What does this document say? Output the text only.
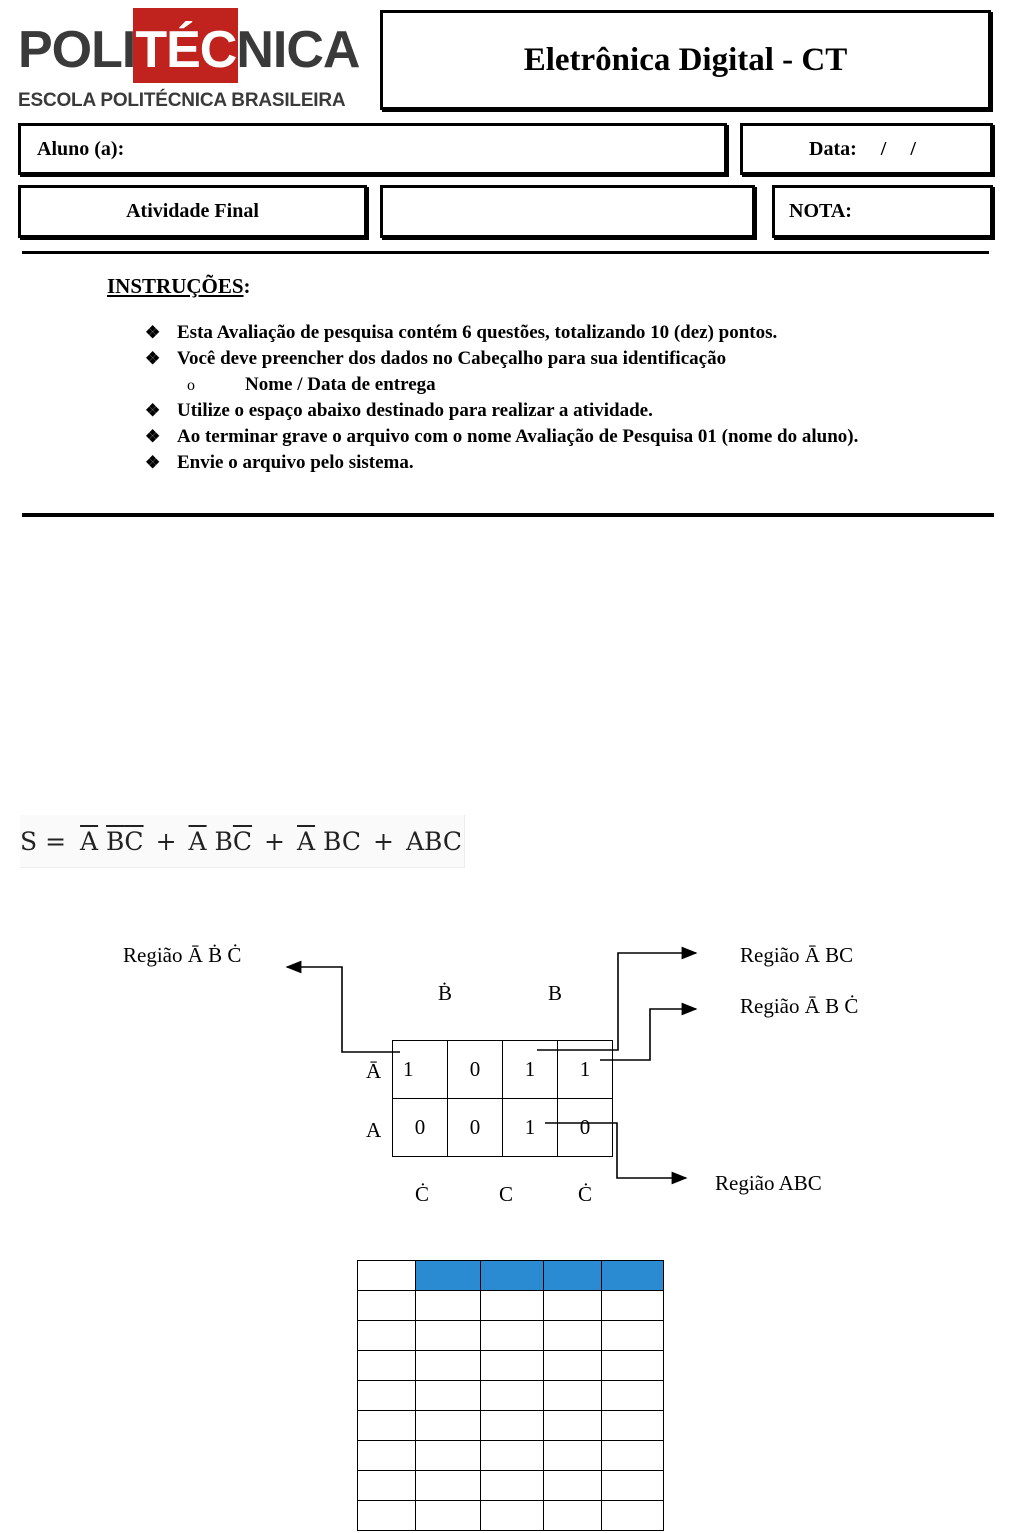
POLITÉCNICA
ESCOLA POLITÉCNICA BRASILEIRA
Eletrônica Digital - CT
Aluno (a):	Data: / /
Atividade Final	NOTA:
INSTRUÇÕES:
❖ Esta Avaliação de pesquisa contém 6 questões, totalizando 10 (dez) pontos.
❖ Você deve preencher dos dados no Cabeçalho para sua identificação
o	Nome / Data de entrega
❖ Utilize o espaço abaixo destinado para realizar a atividade.
❖ Ao terminar grave o arquivo com o nome Avaliação de Pesquisa 01 (nome do aluno).
❖ Envie o arquivo pelo sistema.
$S = \overline{A}$
$\overline{B}$ $\overline{C} + \overline{A}$
B $\overline{C} + \overline{A}$
BC + ABC
Região Ā Ḃ Ċ	Região Ā BC
Região Ā B Ċ
Região ABC
Ḃ	B
Ā
A
Ċ	C	Ċ
1	0	1	1
0	0	1	0
